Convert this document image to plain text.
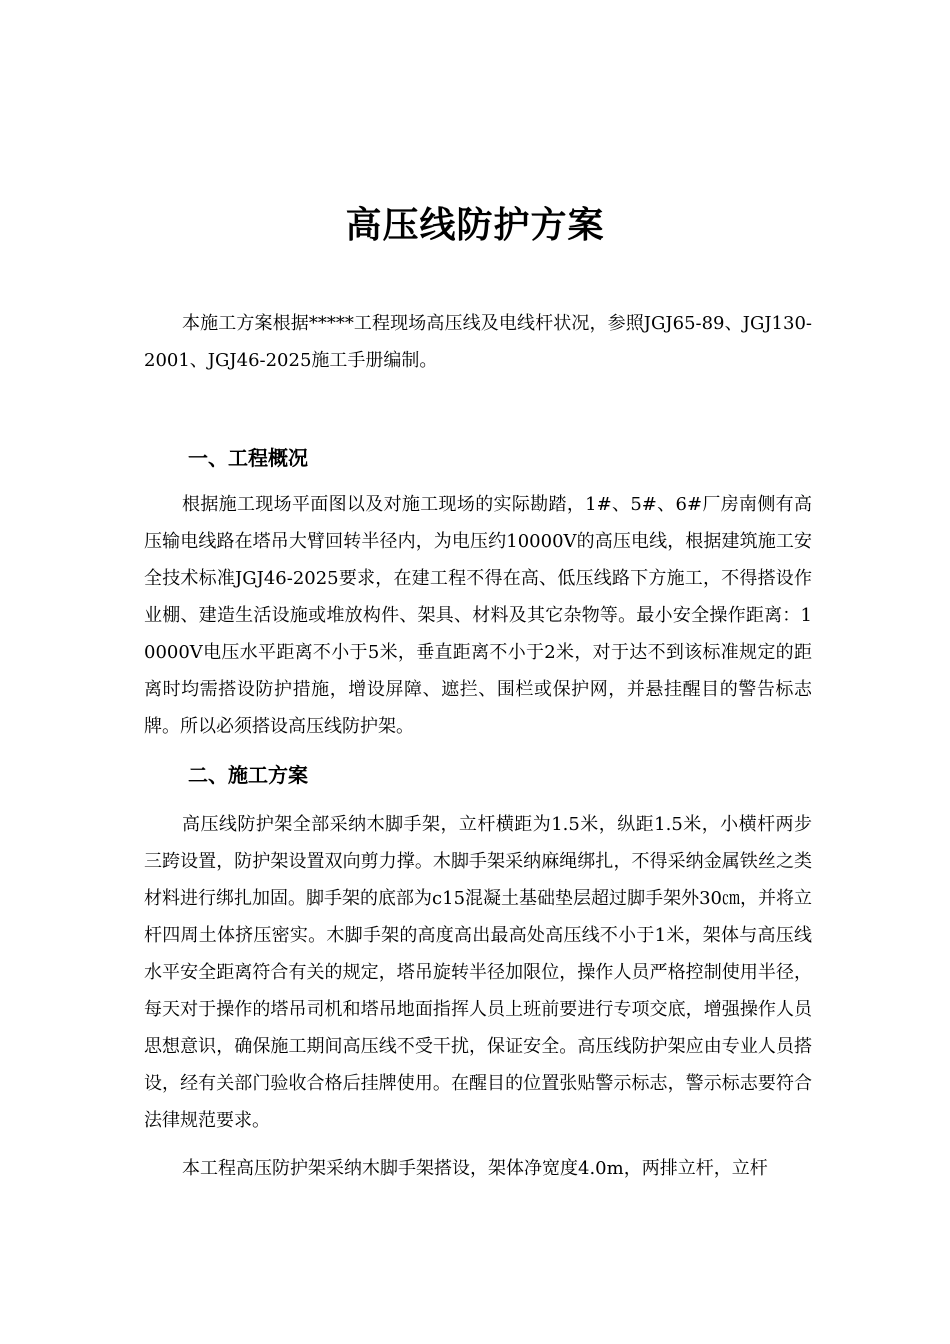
高压线防护方案

本施工方案根据*****工程现场高压线及电线杆状况，参照JGJ65-89、JGJ130-2001、JGJ46-2025施工手册编制。

一、工程概况

根据施工现场平面图以及对施工现场的实际勘踏，1#、5#、6#厂房南侧有高压输电线路在塔吊大臂回转半径内，为电压约10000V的高压电线，根据建筑施工安全技术标准JGJ46-2025要求，在建工程不得在高、低压线路下方施工，不得搭设作业棚、建造生活设施或堆放构件、架具、材料及其它杂物等。最小安全操作距离：10000V电压水平距离不小于5米，垂直距离不小于2米，对于达不到该标准规定的距离时均需搭设防护措施，增设屏障、遮拦、围栏或保护网，并悬挂醒目的警告标志牌。所以必须搭设高压线防护架。

二、施工方案

高压线防护架全部采纳木脚手架，立杆横距为1.5米，纵距1.5米，小横杆两步三跨设置，防护架设置双向剪力撑。木脚手架采纳麻绳绑扎，不得采纳金属铁丝之类材料进行绑扎加固。脚手架的底部为c15混凝土基础垫层超过脚手架外30㎝，并将立杆四周土体挤压密实。木脚手架的高度高出最高处高压线不小于1米，架体与高压线水平安全距离符合有关的规定，塔吊旋转半径加限位，操作人员严格控制使用半径，每天对于操作的塔吊司机和塔吊地面指挥人员上班前要进行专项交底，增强操作人员思想意识，确保施工期间高压线不受干扰，保证安全。高压线防护架应由专业人员搭设，经有关部门验收合格后挂牌使用。在醒目的位置张贴警示标志，警示标志要符合法律规范要求。

本工程高压防护架采纳木脚手架搭设，架体净宽度4.0m，两排立杆，立杆
